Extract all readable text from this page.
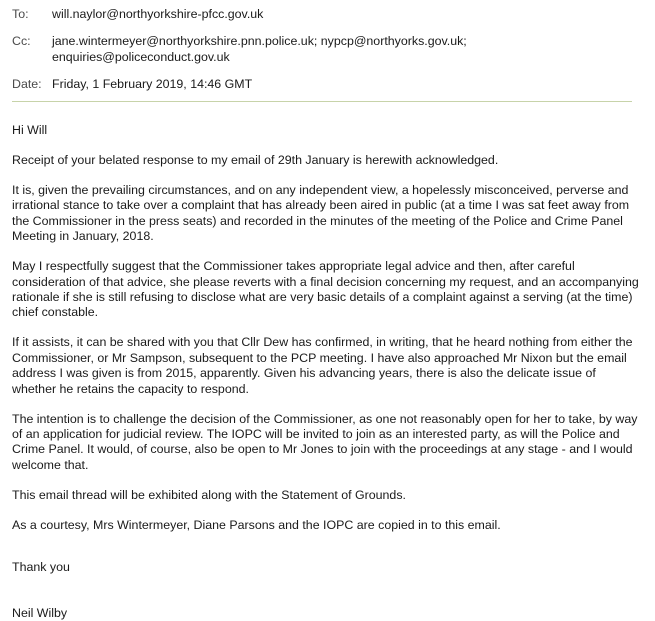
To:	will.naylor@northyorkshire-pfcc.gov.uk
Cc:	jane.wintermeyer@northyorkshire.pnn.police.uk; nypcp@northyorks.gov.uk;
enquiries@policeconduct.gov.uk
Date: Friday, 1 February 2019, 14:46 GMT

Hi Will

Receipt of your belated response to my email of 29th January is herewith acknowledged.

It is, given the prevailing circumstances, and on any independent view, a hopelessly misconceived, perverse and irrational stance to take over a complaint that has already been aired in public (at a time I was sat feet away from the Commissioner in the press seats) and recorded in the minutes of the meeting of the Police and Crime Panel Meeting in January, 2018.

May I respectfully suggest that the Commissioner takes appropriate legal advice and then, after careful consideration of that advice, she please reverts with a final decision concerning my request, and an accompanying rationale if she is still refusing to disclose what are very basic details of a complaint against a serving (at the time) chief constable.

If it assists, it can be shared with you that Cllr Dew has confirmed, in writing, that he heard nothing from either the Commissioner, or Mr Sampson, subsequent to the PCP meeting. I have also approached Mr Nixon but the email address I was given is from 2015, apparently. Given his advancing years, there is also the delicate issue of whether he retains the capacity to respond.

The intention is to challenge the decision of the Commissioner, as one not reasonably open for her to take, by way of an application for judicial review. The IOPC will be invited to join as an interested party, as will the Police and Crime Panel. It would, of course, also be open to Mr Jones to join with the proceedings at any stage - and I would welcome that.

This email thread will be exhibited along with the Statement of Grounds.

As a courtesy, Mrs Wintermeyer, Diane Parsons and the IOPC are copied in to this email.

Thank you

Neil Wilby
